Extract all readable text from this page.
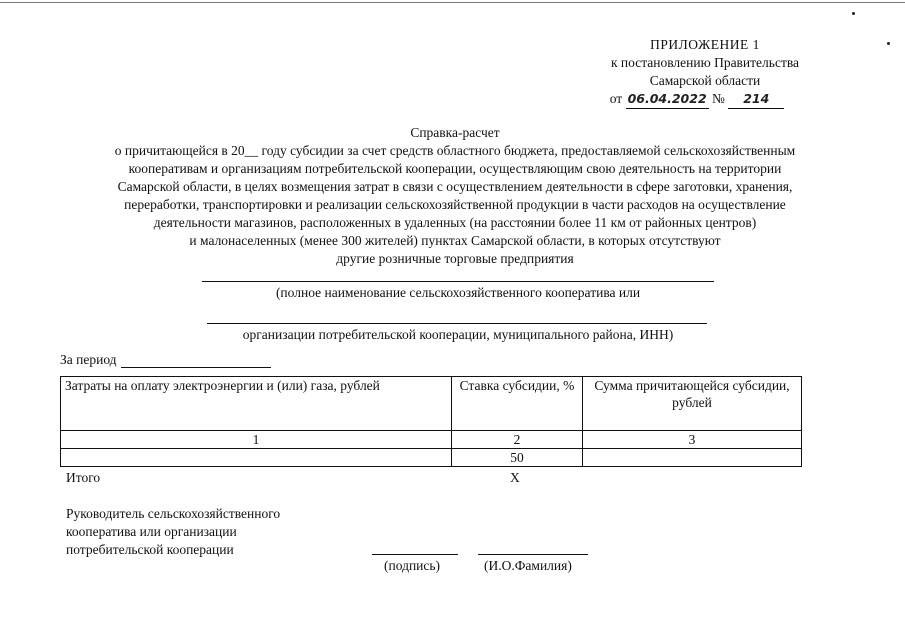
ПРИЛОЖЕНИЕ 1
к постановлению Правительства
Самарской области
от 06.04.2022 № 214
Справка-расчет
о причитающейся в 20__ году субсидии за счет средств областного бюджета, предоставляемой сельскохозяйственным
кооперативам и организациям потребительской кооперации, осуществляющим свою деятельность на территории
Самарской области, в целях возмещения затрат в связи с осуществлением деятельности в сфере заготовки, хранения,
переработки, транспортировки и реализации сельскохозяйственной продукции в части расходов на осуществление
деятельности магазинов, расположенных в удаленных (на расстоянии более 11 км от районных центров)
и малонаселенных (менее 300 жителей) пунктах Самарской области, в которых отсутствуют
другие розничные торговые предприятия
(полное наименование сельскохозяйственного кооператива или
организации потребительской кооперации, муниципального района, ИНН)
За период
Затраты на оплату электроэнергии и (или) газа, рублей	Ставка субсидии, %	Сумма причитающейся субсидии, рублей
1	2	3
	50	
Итого	Х
Руководитель сельскохозяйственного
кооператива или организации
потребительской кооперации
(подпись)	(И.О.Фамилия)
